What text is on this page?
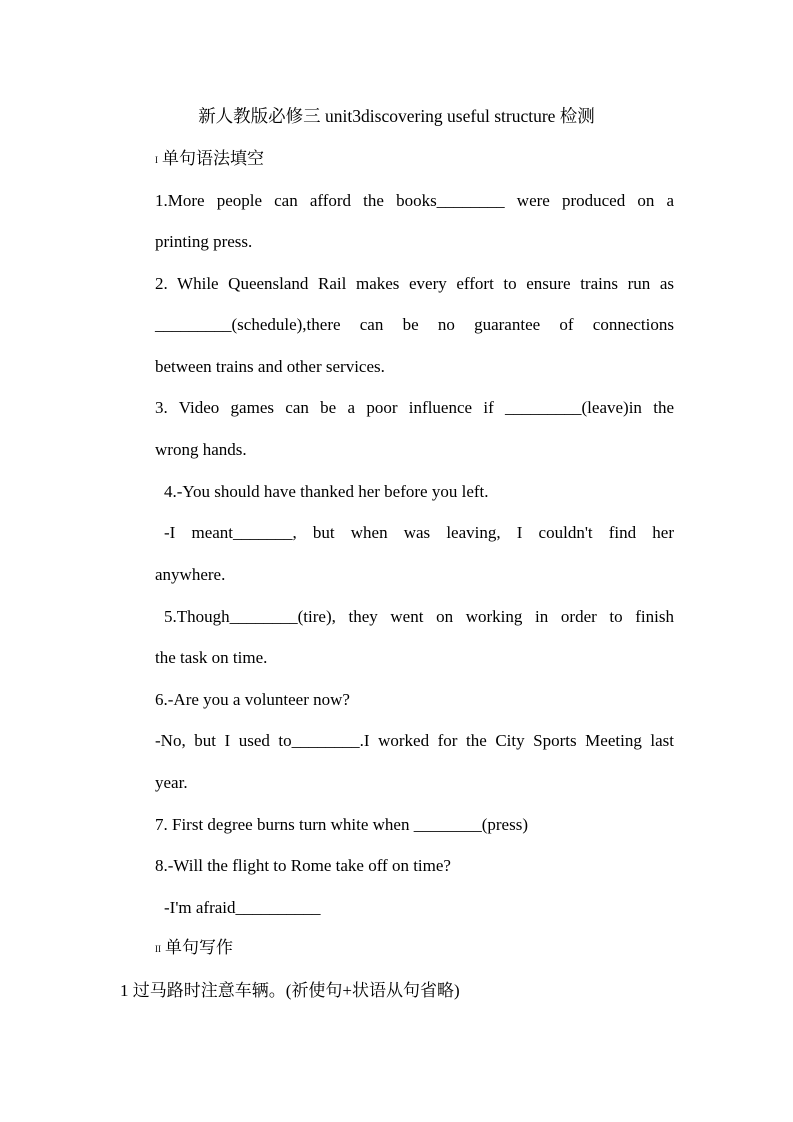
新人教版必修三 unit3discovering useful structure 检测
I 单句语法填空
1.More people can afford the books________ were produced on a
printing press.
2. While Queensland Rail makes every effort to ensure trains run as
_________(schedule),there can be no guarantee of connections
between trains and other services.
3. Video games can be a poor influence if _________(leave)in the
wrong hands.
4.-You should have thanked her before you left.
-I meant_______, but when was leaving, I couldn't find her
anywhere.
5.Though________(tire), they went on working in order to finish
the task on time.
6.-Are you a volunteer now?
-No, but I used to________.I worked for the City Sports Meeting last
year.
7. First degree burns turn white when ________(press)
8.-Will the flight to Rome take off on time?
-I'm afraid__________
II 单句写作
1 过马路时注意车辆。(祈使句+状语从句省略)
